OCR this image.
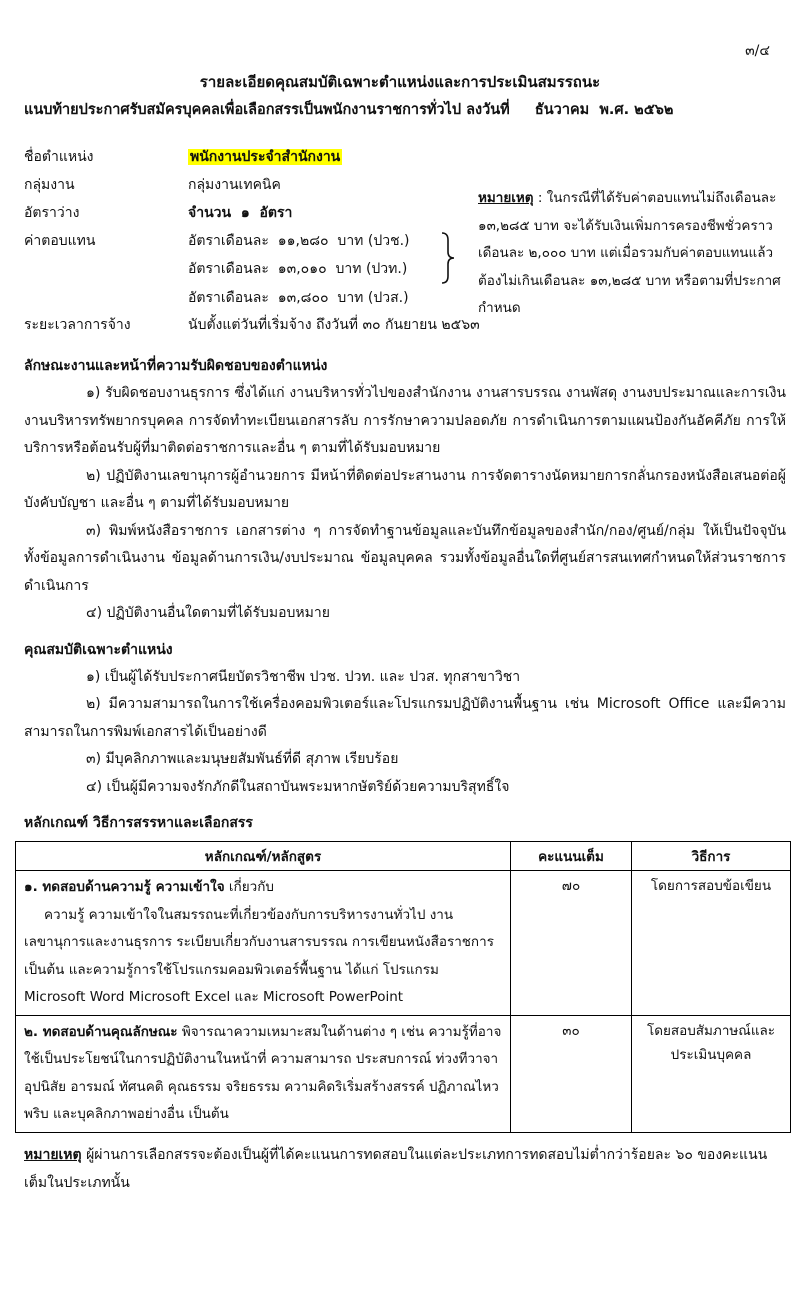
๓/๔
รายละเอียดคุณสมบัติเฉพาะตำแหน่งและการประเมินสมรรถนะ
แนบท้ายประกาศรับสมัครบุคคลเพื่อเลือกสรรเป็นพนักงานราชการทั่วไป ลงวันที่     ธันวาคม  พ.ศ. ๒๕๖๒
ชื่อตำแหน่ง	พนักงานประจำสำนักงาน
กลุ่มงาน	กลุ่มงานเทคนิค
อัตราว่าง	จำนวน  ๑  อัตรา
ค่าตอบแทน	อัตราเดือนละ  ๑๑,๒๘๐  บาท (ปวช.)
อัตราเดือนละ  ๑๓,๐๑๐  บาท (ปวท.)
อัตราเดือนละ  ๑๓,๘๐๐  บาท (ปวส.)
หมายเหตุ : ในกรณีที่ได้รับค่าตอบแทนไม่ถึงเดือนละ ๑๓,๒๘๕ บาท จะได้รับเงินเพิ่มการครองชีพชั่วคราว เดือนละ ๒,๐๐๐ บาท แต่เมื่อรวมกับค่าตอบแทนแล้ว ต้องไม่เกินเดือนละ ๑๓,๒๘๕ บาท หรือตามที่ประกาศกำหนด
ระยะเวลาการจ้าง	นับตั้งแต่วันที่เริ่มจ้าง ถึงวันที่ ๓๐ กันยายน ๒๕๖๓
ลักษณะงานและหน้าที่ความรับผิดชอบของตำแหน่ง
๑) รับผิดชอบงานธุรการ ซึ่งได้แก่ งานบริหารทั่วไปของสำนักงาน งานสารบรรณ งานพัสดุ งานงบประมาณและการเงิน งานบริหารทรัพยากรบุคคล การจัดทำทะเบียนเอกสารลับ การรักษาความปลอดภัย การดำเนินการตามแผนป้องกันอัคคีภัย การให้บริการหรือต้อนรับผู้ที่มาติดต่อราชการและอื่น ๆ ตามที่ได้รับมอบหมาย
๒) ปฏิบัติงานเลขานุการผู้อำนวยการ มีหน้าที่ติดต่อประสานงาน การจัดตารางนัดหมายการกลั่นกรองหนังสือเสนอต่อผู้บังคับบัญชา และอื่น ๆ ตามที่ได้รับมอบหมาย
๓) พิมพ์หนังสือราชการ เอกสารต่าง ๆ การจัดทำฐานข้อมูลและบันทึกข้อมูลของสำนัก/กอง/ศูนย์/กลุ่ม ให้เป็นปัจจุบัน ทั้งข้อมูลการดำเนินงาน ข้อมูลด้านการเงิน/งบประมาณ ข้อมูลบุคคล รวมทั้งข้อมูลอื่นใดที่ศูนย์สารสนเทศกำหนดให้ส่วนราชการดำเนินการ
๔) ปฏิบัติงานอื่นใดตามที่ได้รับมอบหมาย
คุณสมบัติเฉพาะตำแหน่ง
๑) เป็นผู้ได้รับประกาศนียบัตรวิชาชีพ ปวช. ปวท. และ ปวส. ทุกสาขาวิชา
๒) มีความสามารถในการใช้เครื่องคอมพิวเตอร์และโปรแกรมปฏิบัติงานพื้นฐาน เช่น Microsoft Office และมีความสามารถในการพิมพ์เอกสารได้เป็นอย่างดี
๓) มีบุคลิกภาพและมนุษยสัมพันธ์ที่ดี สุภาพ เรียบร้อย
๔) เป็นผู้มีความจงรักภักดีในสถาบันพระมหากษัตริย์ด้วยความบริสุทธิ์ใจ
หลักเกณฑ์ วิธีการสรรหาและเลือกสรร
หลักเกณฑ์/หลักสูตร	คะแนนเต็ม	วิธีการ
๑. ทดสอบด้านความรู้ ความเข้าใจ เกี่ยวกับ
ความรู้ ความเข้าใจในสมรรถนะที่เกี่ยวข้องกับการบริหารงานทั่วไป งานเลขานุการและงานธุรการ ระเบียบเกี่ยวกับงานสารบรรณ การเขียนหนังสือราชการ เป็นต้น และความรู้การใช้โปรแกรมคอมพิวเตอร์พื้นฐาน ได้แก่ โปรแกรม Microsoft Word Microsoft Excel และ Microsoft PowerPoint	๗๐	โดยการสอบข้อเขียน
๒. ทดสอบด้านคุณลักษณะ พิจารณาความเหมาะสมในด้านต่าง ๆ เช่น ความรู้ที่อาจใช้เป็นประโยชน์ในการปฏิบัติงานในหน้าที่ ความสามารถ ประสบการณ์ ท่วงทีวาจา อุปนิสัย อารมณ์ ทัศนคติ คุณธรรม จริยธรรม ความคิดริเริ่มสร้างสรรค์ ปฏิภาณไหวพริบ และบุคลิกภาพอย่างอื่น เป็นต้น	๓๐	โดยสอบสัมภาษณ์และประเมินบุคคล
หมายเหตุ ผู้ผ่านการเลือกสรรจะต้องเป็นผู้ที่ได้คะแนนการทดสอบในแต่ละประเภทการทดสอบไม่ต่ำกว่าร้อยละ ๖๐ ของคะแนนเต็มในประเภทนั้น
